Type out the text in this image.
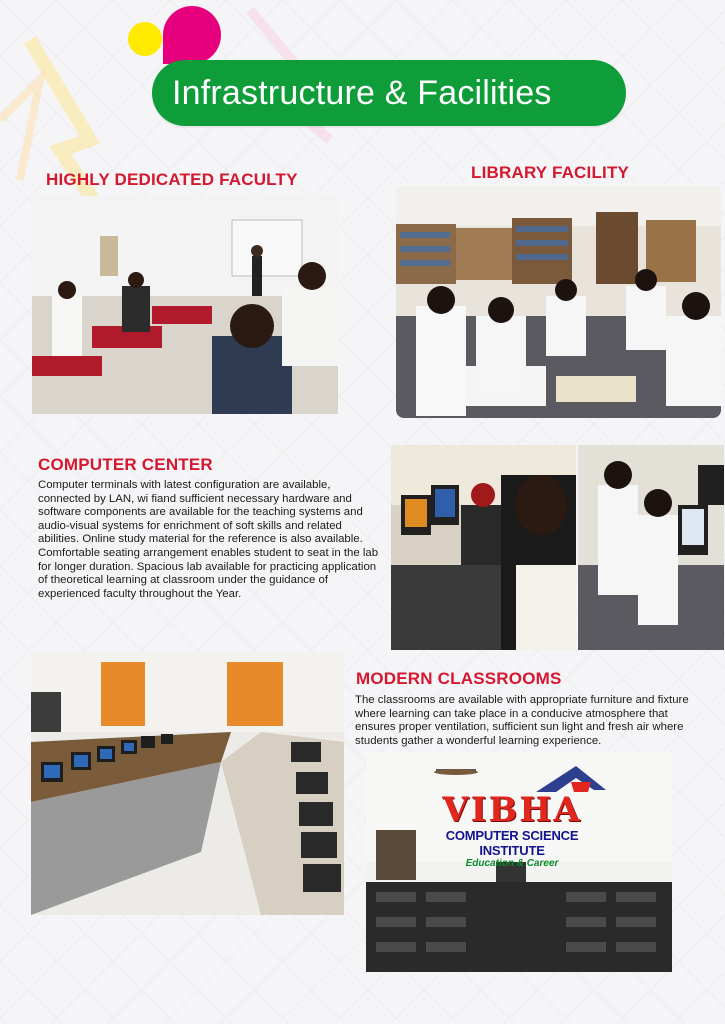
Infrastructure & Facilities
HIGHLY DEDICATED FACULTY	LIBRARY FACILITY
COMPUTER CENTER
Computer terminals with latest configuration are available,
connected by LAN, wi fiand sufficient necessary hardware and
software components are available for the teaching systems and
audio-visual systems for enrichment of soft skills and related
abilities. Online study material for the reference is also available.
Comfortable seating arrangement enables student to seat in the lab
for longer duration. Spacious lab available for practicing application
of theoretical learning at classroom under the guidance of
experienced faculty throughout the Year.
MODERN CLASSROOMS
The classrooms are available with appropriate furniture and fixture
where learning can take place in a conducive atmosphere that
ensures proper ventilation, sufficient sun light and fresh air where
students gather a wonderful learning experience.
VIBHA
COMPUTER SCIENCE INSTITUTE
Education & Career
